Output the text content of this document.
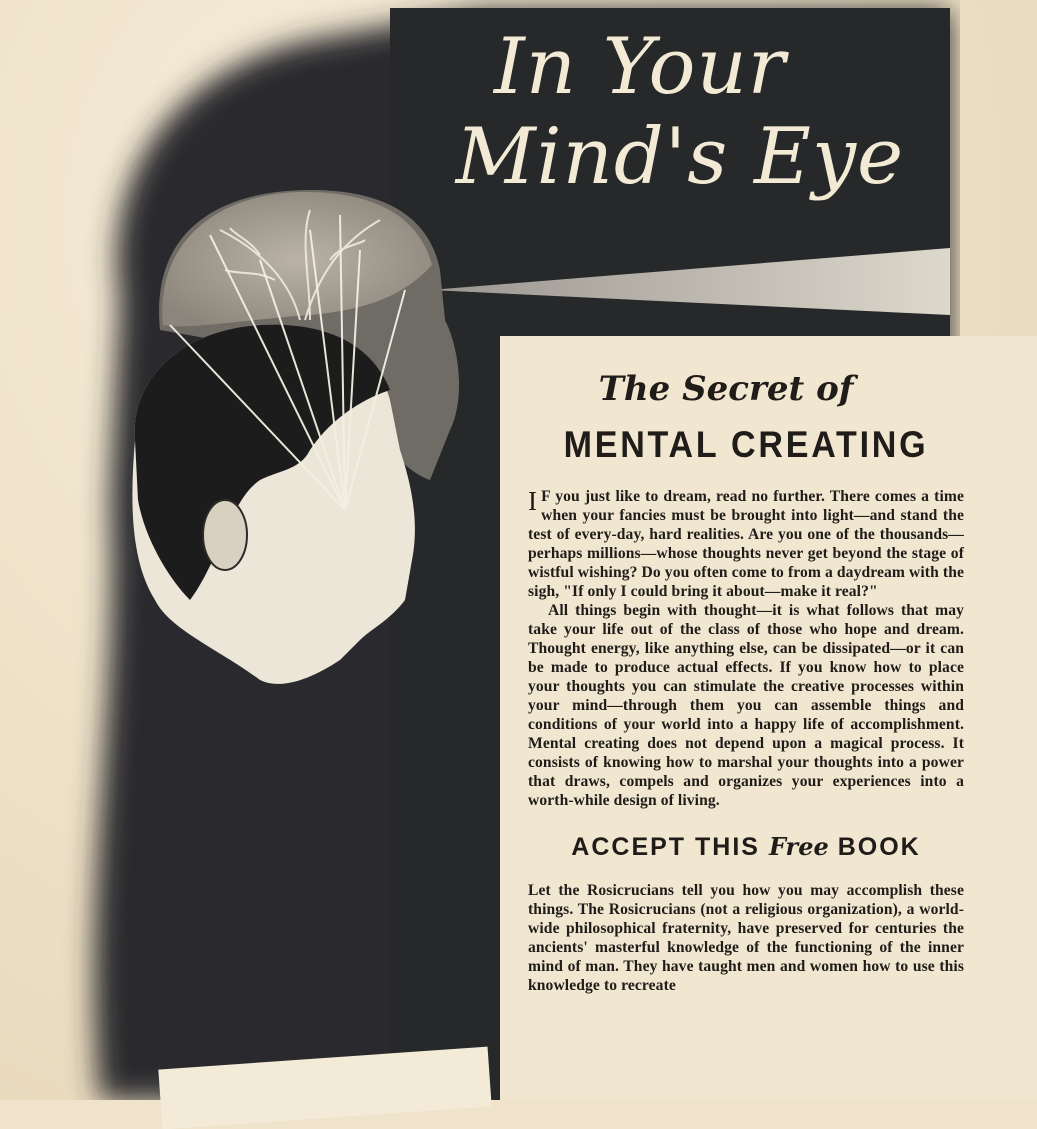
In Your
Mind's Eye
The Secret of
MENTAL CREATING

I F you just like to dream, read no further. There comes a time when your fancies must be brought into light—and stand the test of every-day, hard realities. Are you one of the thousands—perhaps millions—whose thoughts never get beyond the stage of wistful wishing? Do you often come to from a daydream with the sigh, "If only I could bring it about—make it real?"

All things begin with thought—it is what follows that may take your life out of the class of those who hope and dream. Thought energy, like anything else, can be dissipated—or it can be made to produce actual effects. If you know how to place your thoughts you can stimulate the creative processes within your mind—through them you can assemble things and conditions of your world into a happy life of accomplishment. Mental creating does not depend upon a magical process. It consists of knowing how to marshal your thoughts into a power that draws, compels and organizes your experiences into a worth-while design of living.

ACCEPT THIS Free BOOK

Let the Rosicrucians tell you how you may accomplish these things. The Rosicrucians (not a religious organization), a world-wide philosophical fraternity, have preserved for centuries the ancients' masterful knowledge of the functioning of the inner mind of man. They have taught men and women how to use this knowledge to recreate
